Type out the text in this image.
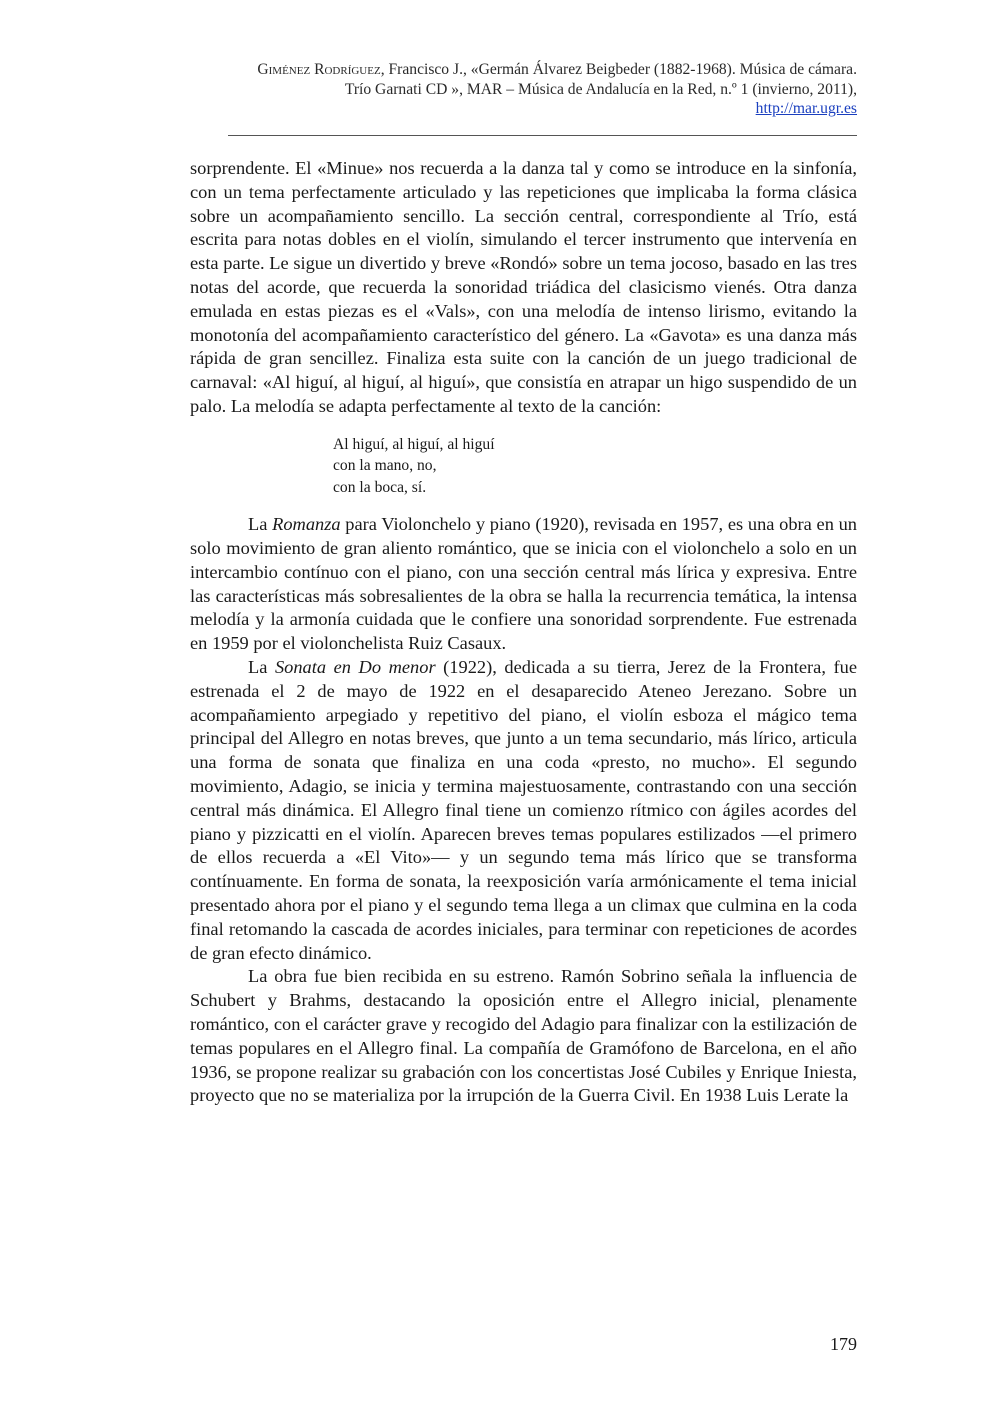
Giménez Rodríguez, Francisco J., «Germán Álvarez Beigbeder (1882-1968). Música de cámara.
Trío Garnati CD », MAR – Música de Andalucía en la Red, n.º 1 (invierno, 2011),
http://mar.ugr.es

sorprendente. El «Minue» nos recuerda a la danza tal y como se introduce en la sinfonía, con un tema perfectamente articulado y las repeticiones que implicaba la forma clásica sobre un acompañamiento sencillo. La sección central, correspondiente al Trío, está escrita para notas dobles en el violín, simulando el tercer instrumento que intervenía en esta parte. Le sigue un divertido y breve «Rondó» sobre un tema jocoso, basado en las tres notas del acorde, que recuerda la sonoridad triádica del clasicismo vienés. Otra danza emulada en estas piezas es el «Vals», con una melodía de intenso lirismo, evitando la monotonía del acompañamiento característico del género. La «Gavota» es una danza más rápida de gran sencillez. Finaliza esta suite con la canción de un juego tradicional de carnaval: «Al higuí, al higuí, al higuí», que consistía en atrapar un higo suspendido de un palo. La melodía se adapta perfectamente al texto de la canción:

Al higuí, al higuí, al higuí
con la mano, no,
con la boca, sí.

La Romanza para Violonchelo y piano (1920), revisada en 1957, es una obra en un solo movimiento de gran aliento romántico, que se inicia con el violonchelo a solo en un intercambio contínuo con el piano, con una sección central más lírica y expresiva. Entre las características más sobresalientes de la obra se halla la recurrencia temática, la intensa melodía y la armonía cuidada que le confiere una sonoridad sorprendente. Fue estrenada en 1959 por el violonchelista Ruiz Casaux.

La Sonata en Do menor (1922), dedicada a su tierra, Jerez de la Frontera, fue estrenada el 2 de mayo de 1922 en el desaparecido Ateneo Jerezano. Sobre un acompañamiento arpegiado y repetitivo del piano, el violín esboza el mágico tema principal del Allegro en notas breves, que junto a un tema secundario, más lírico, articula una forma de sonata que finaliza en una coda «presto, no mucho». El segundo movimiento, Adagio, se inicia y termina majestuosamente, contrastando con una sección central más dinámica. El Allegro final tiene un comienzo rítmico con ágiles acordes del piano y pizzicatti en el violín. Aparecen breves temas populares estilizados —el primero de ellos recuerda a «El Vito»— y un segundo tema más lírico que se transforma contínuamente. En forma de sonata, la reexposición varía armónicamente el tema inicial presentado ahora por el piano y el segundo tema llega a un climax que culmina en la coda final retomando la cascada de acordes iniciales, para terminar con repeticiones de acordes de gran efecto dinámico.

La obra fue bien recibida en su estreno. Ramón Sobrino señala la influencia de Schubert y Brahms, destacando la oposición entre el Allegro inicial, plenamente romántico, con el carácter grave y recogido del Adagio para finalizar con la estilización de temas populares en el Allegro final. La compañía de Gramófono de Barcelona, en el año 1936, se propone realizar su grabación con los concertistas José Cubiles y Enrique Iniesta, proyecto que no se materializa por la irrupción de la Guerra Civil. En 1938 Luis Lerate la

179
